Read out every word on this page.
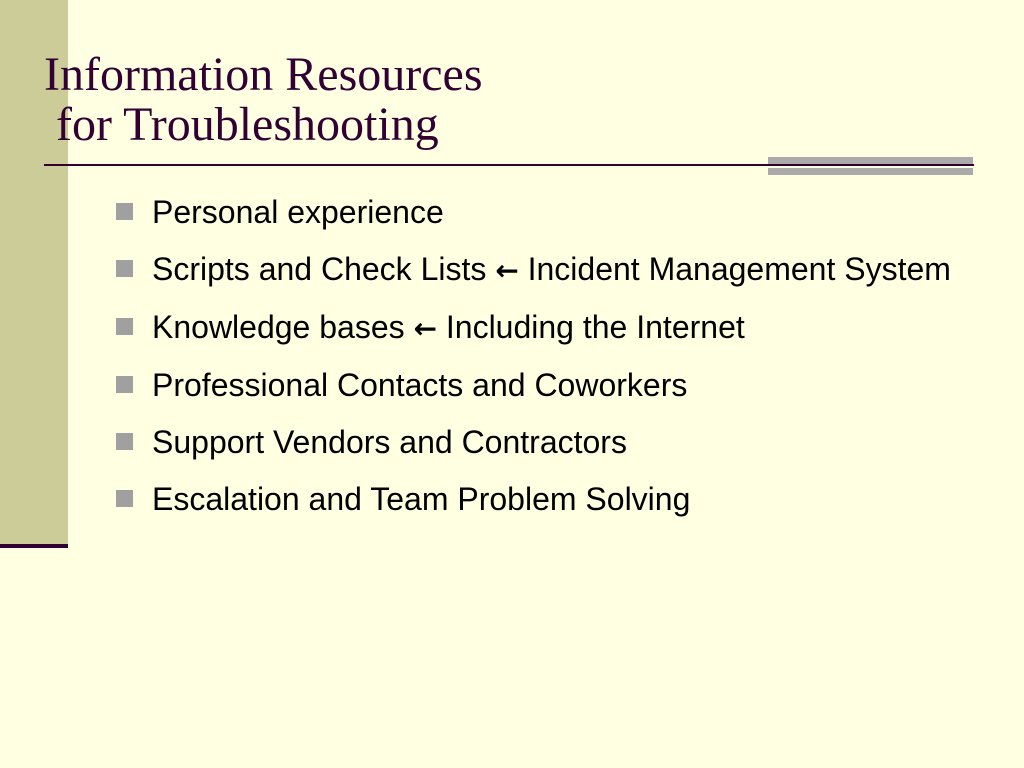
Information Resources
for Troubleshooting
Personal experience
Scripts and Check Lists ← Incident Management System
Knowledge bases ← Including the Internet
Professional Contacts and Coworkers
Support Vendors and Contractors
Escalation and Team Problem Solving
